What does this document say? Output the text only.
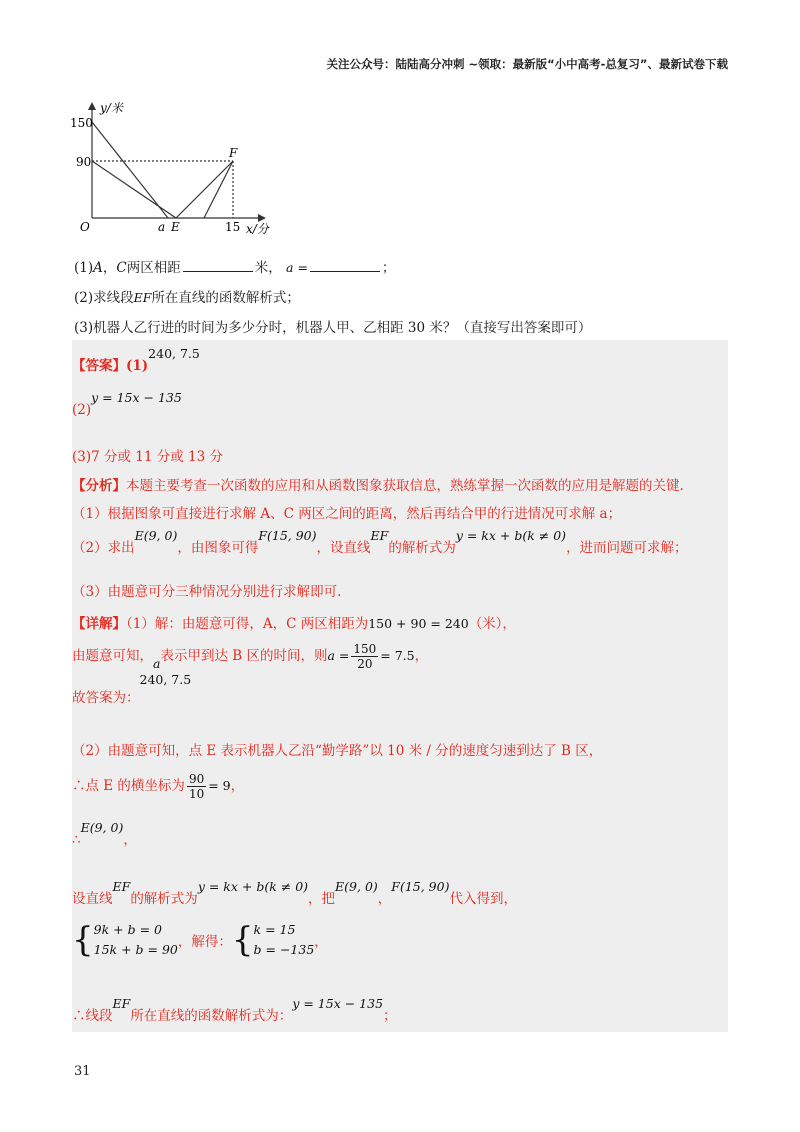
关注公众号：陆陆高分冲刺 ~领取：最新版“小中高考-总复习”、最新试卷下载
y/米
150
90
O	a E	15 x/分
F
(1)A，C两区相距	米， a =	；
(2)求线段EF所在直线的函数解析式；
(3)机器人乙行进的时间为多少分时，机器人甲、乙相距 30 米？（直接写出答案即可）
【答案】(1)240, 7.5
(2)y = 15x − 135
(3)7 分或 11 分或 13 分
【分析】本题主要考查一次函数的应用和从函数图象获取信息，熟练掌握一次函数的应用是解题的关键.
（1）根据图象可直接进行求解 A、C 两区之间的距离，然后再结合甲的行进情况可求解 a；
（2）求出E(9, 0)，由图象可得F(15, 90)，设直线EF的解析式为y = kx + b(k ≠ 0)，进而问题可求解；
（3）由题意可分三种情况分别进行求解即可.
【详解】（1）解：由题意可得，A，C 两区相距为150 + 90 = 240（米），
由题意可知，a表示甲到达 B 区的时间，则$a = \frac{150}{20} = 7.5$，
故答案为：240, 7.5
（2）由题意可知，点 E 表示机器人乙沿“勤学路”以 10 米 / 分的速度匀速到达了 B 区，
∴点 E 的横坐标为 $\frac{90}{10} = 9$，
∴E(9, 0)，
设直线EF的解析式为y = kx + b(k ≠ 0)，把E(9, 0)，F(15, 90)代入得到，
{ 9k + b = 0
15k + b = 90 ，解得：{ k = 15
b = −135 ，
∴线段EF所在直线的函数解析式为：y = 15x − 135；
31
